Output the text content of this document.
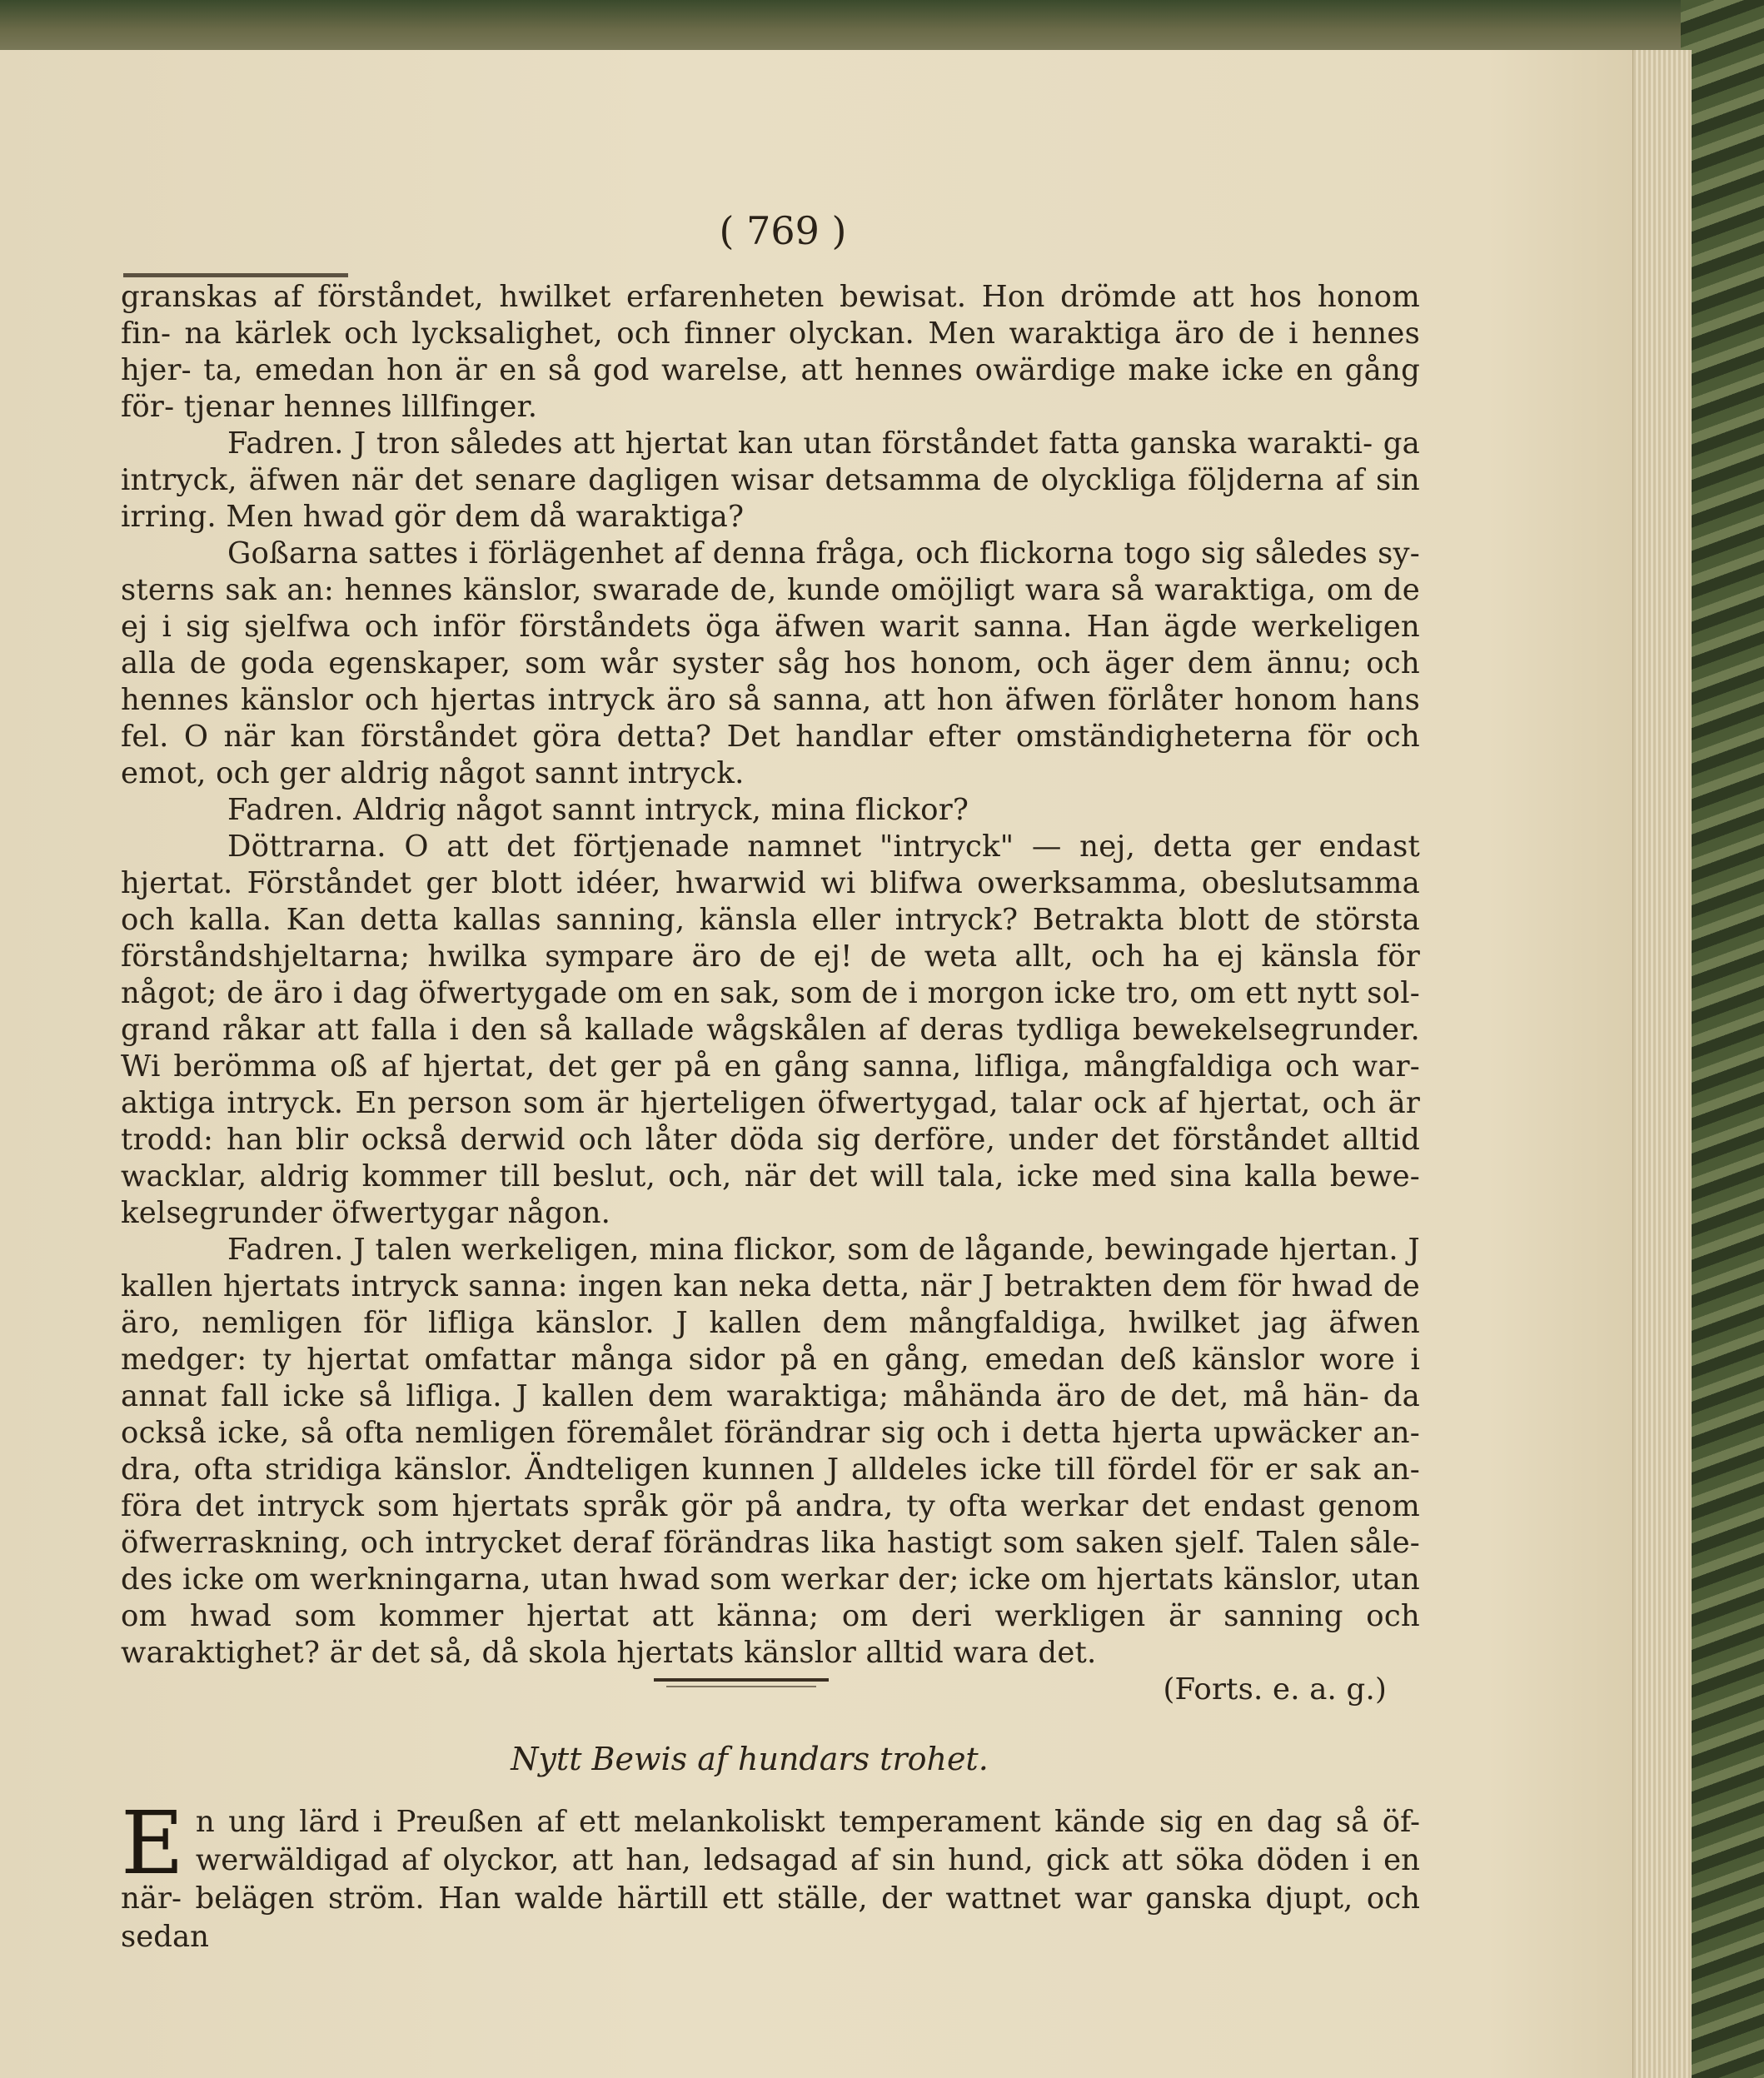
( 769 )

granskas af förståndet, hwilket erfarenheten bewisat. Hon drömde att hos honom fin- na kärlek och lycksalighet, och finner olyckan. Men waraktiga äro de i hennes hjer- ta, emedan hon är en så god warelse, att hennes owärdige make icke en gång för- tjenar hennes lillfinger.

Fadren. J tron således att hjertat kan utan förståndet fatta ganska warakti- ga intryck, äfwen när det senare dagligen wisar detsamma de olyckliga följderna af sin irring. Men hwad gör dem då waraktiga?

Goßarna sattes i förlägenhet af denna fråga, och flickorna togo sig således sy- sterns sak an: hennes känslor, swarade de, kunde omöjligt wara så waraktiga, om de ej i sig sjelfwa och inför förståndets öga äfwen warit sanna. Han ägde werkeligen alla de goda egenskaper, som wår syster såg hos honom, och äger dem ännu; och hennes känslor och hjertas intryck äro så sanna, att hon äfwen förlåter honom hans fel. O när kan förståndet göra detta? Det handlar efter omständigheterna för och emot, och ger aldrig något sannt intryck.

Fadren. Aldrig något sannt intryck, mina flickor?

Döttrarna. O att det förtjenade namnet "intryck" — nej, detta ger endast hjertat. Förståndet ger blott idéer, hwarwid wi blifwa owerksamma, obeslutsamma och kalla. Kan detta kallas sanning, känsla eller intryck? Betrakta blott de största förståndshjeltarna; hwilka sympare äro de ej! de weta allt, och ha ej känsla för något; de äro i dag öfwertygade om en sak, som de i morgon icke tro, om ett nytt sol- grand råkar att falla i den så kallade wågskålen af deras tydliga bewekelsegrunder. Wi berömma oß af hjertat, det ger på en gång sanna, lifliga, mångfaldiga och war- aktiga intryck. En person som är hjerteligen öfwertygad, talar ock af hjertat, och är trodd: han blir också derwid och låter döda sig derföre, under det förståndet alltid wacklar, aldrig kommer till beslut, och, när det will tala, icke med sina kalla bewe- kelsegrunder öfwertygar någon.

Fadren. J talen werkeligen, mina flickor, som de lågande, bewingade hjertan. J kallen hjertats intryck sanna: ingen kan neka detta, när J betrakten dem för hwad de äro, nemligen för lifliga känslor. J kallen dem mångfaldiga, hwilket jag äfwen medger: ty hjertat omfattar många sidor på en gång, emedan deß känslor wore i annat fall icke så lifliga. J kallen dem waraktiga; måhända äro de det, må hän- da också icke, så ofta nemligen föremålet förändrar sig och i detta hjerta upwäcker an- dra, ofta stridiga känslor. Ändteligen kunnen J alldeles icke till fördel för er sak an- föra det intryck som hjertats språk gör på andra, ty ofta werkar det endast genom öfwerraskning, och intrycket deraf förändras lika hastigt som saken sjelf. Talen såle- des icke om werkningarna, utan hwad som werkar der; icke om hjertats känslor, utan om hwad som kommer hjertat att känna; om deri werkligen är sanning och waraktighet? är det så, då skola hjertats känslor alltid wara det.

(Forts. e. a. g.)

Nytt Bewis af hundars trohet.
E n ung lärd i Preußen af ett melankoliskt temperament kände sig en dag så öf- werwäldigad af olyckor, att han, ledsagad af sin hund, gick att söka döden i en när- belägen ström. Han walde härtill ett ställe, der wattnet war ganska djupt, och sedan
